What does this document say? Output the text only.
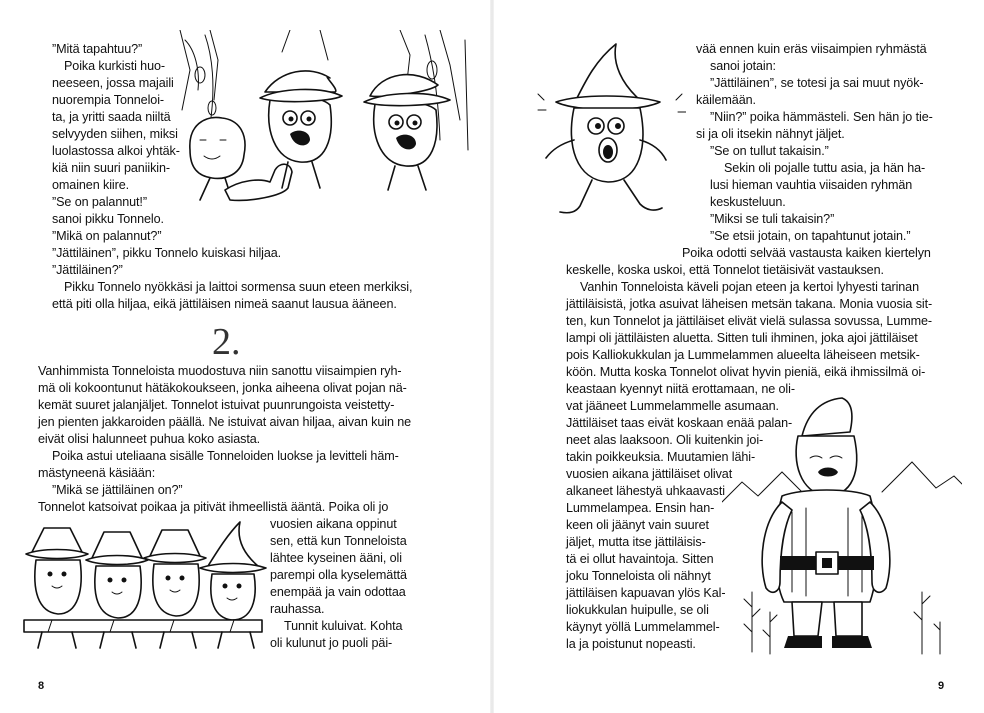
”Mitä tapahtuu?”
Poika kurkisti huo-
neeseen, jossa majaili
nuorempia Tonneloi-
ta, ja yritti saada niiltä
selvyyden siihen, miksi
luolastossa alkoi yhtäk-
kiä niin suuri paniikin-
omainen kiire.
”Se on palannut!”
sanoi pikku Tonnelo.
”Mikä on palannut?”
”Jättiläinen”, pikku Tonnelo kuiskasi hiljaa.
”Jättiläinen?”
Pikku Tonnelo nyökkäsi ja laittoi sormensa suun eteen merkiksi,
että piti olla hiljaa, eikä jättiläisen nimeä saanut lausua ääneen.
2.
Vanhimmista Tonneloista muodostuva niin sanottu viisaimpien ryh-
mä oli kokoontunut hätäkokoukseen, jonka aiheena olivat pojan nä-
kemät suuret jalanjäljet. Tonnelot istuivat puunrungoista veistetty-
jen pienten jakkaroiden päällä. Ne istuivat aivan hiljaa, aivan kuin ne
eivät olisi halunneet puhua koko asiasta.
Poika astui uteliaana sisälle Tonneloiden luokse ja levitteli häm-
mästyneenä käsiään:
”Mikä se jättiläinen on?”
Tonnelot katsoivat poikaa ja pitivät ihmeellistä ääntä. Poika oli jo
vuosien aikana oppinut
sen, että kun Tonneloista
lähtee kyseinen ääni, oli
parempi olla kyselemättä
enempää ja vain odottaa
rauhassa.
Tunnit kuluivat. Kohta
oli kulunut jo puoli päi-
8
vää ennen kuin eräs viisaimpien ryhmästä
sanoi jotain:
”Jättiläinen”, se totesi ja sai muut nyök-
käilemään.
”Niin?” poika hämmästeli. Sen hän jo tie-
si ja oli itsekin nähnyt jäljet.
”Se on tullut takaisin.”
Sekin oli pojalle tuttu asia, ja hän ha-
lusi hieman vauhtia viisaiden ryhmän
keskusteluun.
”Miksi se tuli takaisin?”
”Se etsii jotain, on tapahtunut jotain.”
Poika odotti selvää vastausta kaiken kiertelyn
keskelle, koska uskoi, että Tonnelot tietäisivät vastauksen.
Vanhin Tonneloista käveli pojan eteen ja kertoi lyhyesti tarinan
jättiläisistä, jotka asuivat läheisen metsän takana. Monia vuosia sit-
ten, kun Tonnelot ja jättiläiset elivät vielä sulassa sovussa, Lumme-
lampi oli jättiläisten aluetta. Sitten tuli ihminen, joka ajoi jättiläiset
pois Kalliokukkulan ja Lummelammen alueelta läheiseen metsik-
köön. Mutta koska Tonnelot olivat hyvin pieniä, eikä ihmissilmä oi-
keastaan kyennyt niitä erottamaan, ne oli-
vat jääneet Lummelammelle asumaan.
Jättiläiset taas eivät koskaan enää palan-
neet alas laaksoon. Oli kuitenkin joi-
takin poikkeuksia. Muutamien lähi-
vuosien aikana jättiläiset olivat
alkaneet lähestyä uhkaavasti
Lummelampea. Ensin han-
keen oli jäänyt vain suuret
jäljet, mutta itse jättiläisis-
tä ei ollut havaintoja. Sitten
joku Tonneloista oli nähnyt
jättiläisen kapuavan ylös Kal-
liokukkulan huipulle, se oli
käynyt yöllä Lummelammel-
la ja poistunut nopeasti.
9
